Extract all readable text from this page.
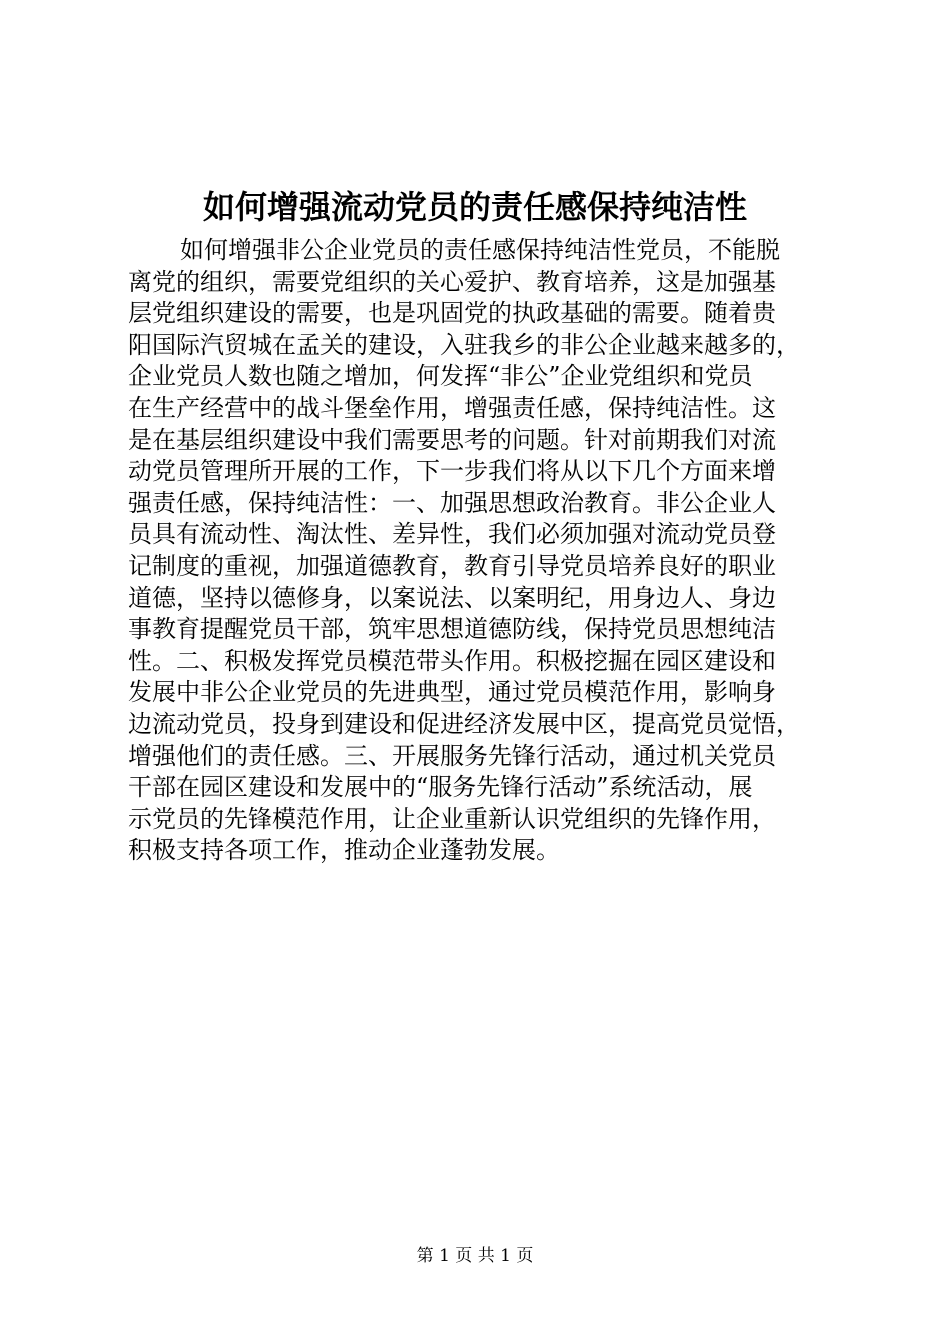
如何增强流动党员的责任感保持纯洁性
如何增强非公企业党员的责任感保持纯洁性党员，不能脱
离党的组织，需要党组织的关心爱护、教育培养，这是加强基
层党组织建设的需要，也是巩固党的执政基础的需要。随着贵
阳国际汽贸城在孟关的建设，入驻我乡的非公企业越来越多的，
企业党员人数也随之增加，何发挥“非公”企业党组织和党员
在生产经营中的战斗堡垒作用，增强责任感，保持纯洁性。这
是在基层组织建设中我们需要思考的问题。针对前期我们对流
动党员管理所开展的工作，下一步我们将从以下几个方面来增
强责任感，保持纯洁性：一、加强思想政治教育。非公企业人
员具有流动性、淘汰性、差异性，我们必须加强对流动党员登
记制度的重视，加强道德教育，教育引导党员培养良好的职业
道德，坚持以德修身，以案说法、以案明纪，用身边人、身边
事教育提醒党员干部，筑牢思想道德防线，保持党员思想纯洁
性。二、积极发挥党员模范带头作用。积极挖掘在园区建设和
发展中非公企业党员的先进典型，通过党员模范作用，影响身
边流动党员，投身到建设和促进经济发展中区，提高党员觉悟，
增强他们的责任感。三、开展服务先锋行活动，通过机关党员
干部在园区建设和发展中的“服务先锋行活动”系统活动，展
示党员的先锋模范作用，让企业重新认识党组织的先锋作用，
积极支持各项工作，推动企业蓬勃发展。
第 1 页 共 1 页
